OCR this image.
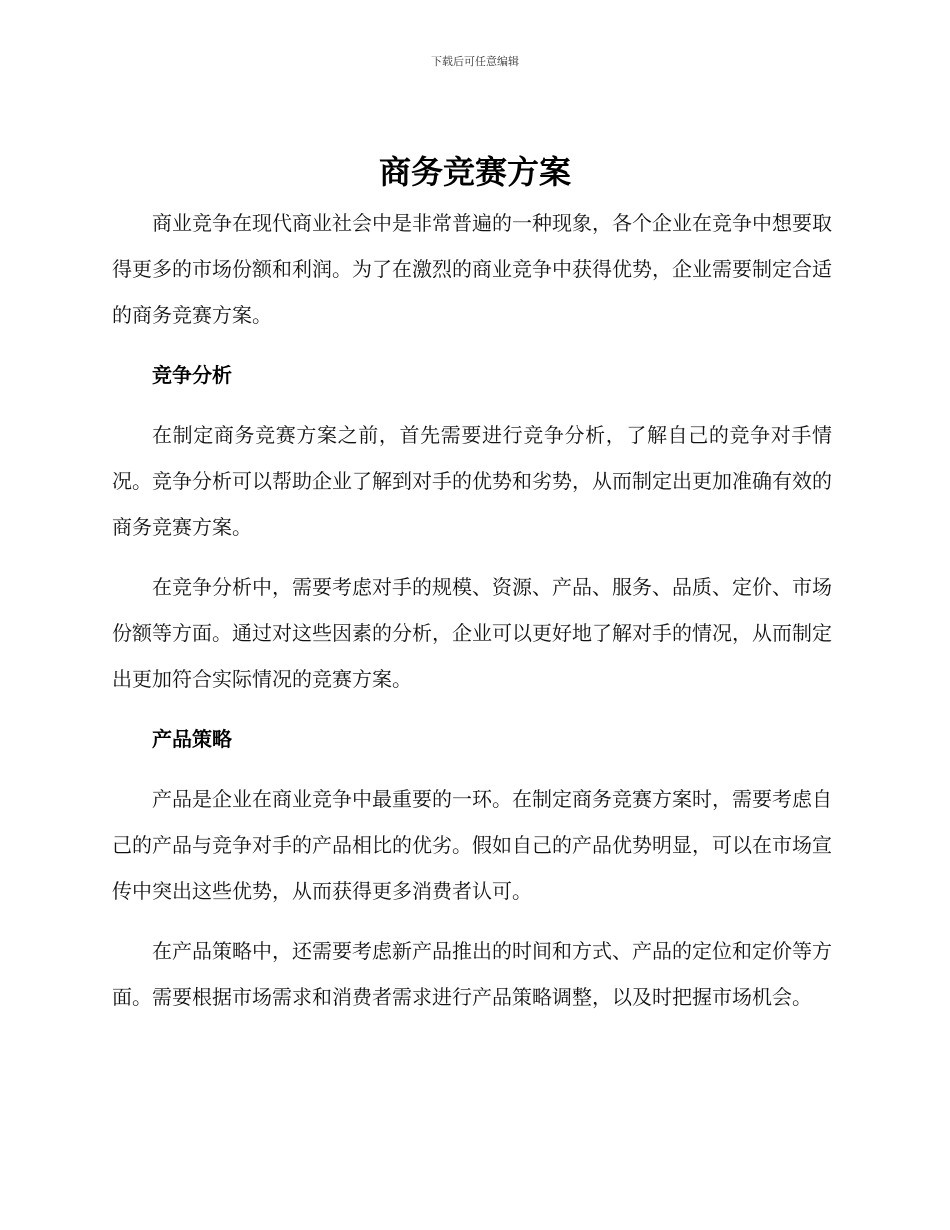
下载后可任意编辑
商务竞赛方案

商业竞争在现代商业社会中是非常普遍的一种现象，各个企业在竞争中想要取得更多的市场份额和利润。为了在激烈的商业竞争中获得优势，企业需要制定合适的商务竞赛方案。

竞争分析

在制定商务竞赛方案之前，首先需要进行竞争分析，了解自己的竞争对手情况。竞争分析可以帮助企业了解到对手的优势和劣势，从而制定出更加准确有效的商务竞赛方案。

在竞争分析中，需要考虑对手的规模、资源、产品、服务、品质、定价、市场份额等方面。通过对这些因素的分析，企业可以更好地了解对手的情况，从而制定出更加符合实际情况的竞赛方案。

产品策略

产品是企业在商业竞争中最重要的一环。在制定商务竞赛方案时，需要考虑自己的产品与竞争对手的产品相比的优劣。假如自己的产品优势明显，可以在市场宣传中突出这些优势，从而获得更多消费者认可。

在产品策略中，还需要考虑新产品推出的时间和方式、产品的定位和定价等方面。需要根据市场需求和消费者需求进行产品策略调整，以及时把握市场机会。
